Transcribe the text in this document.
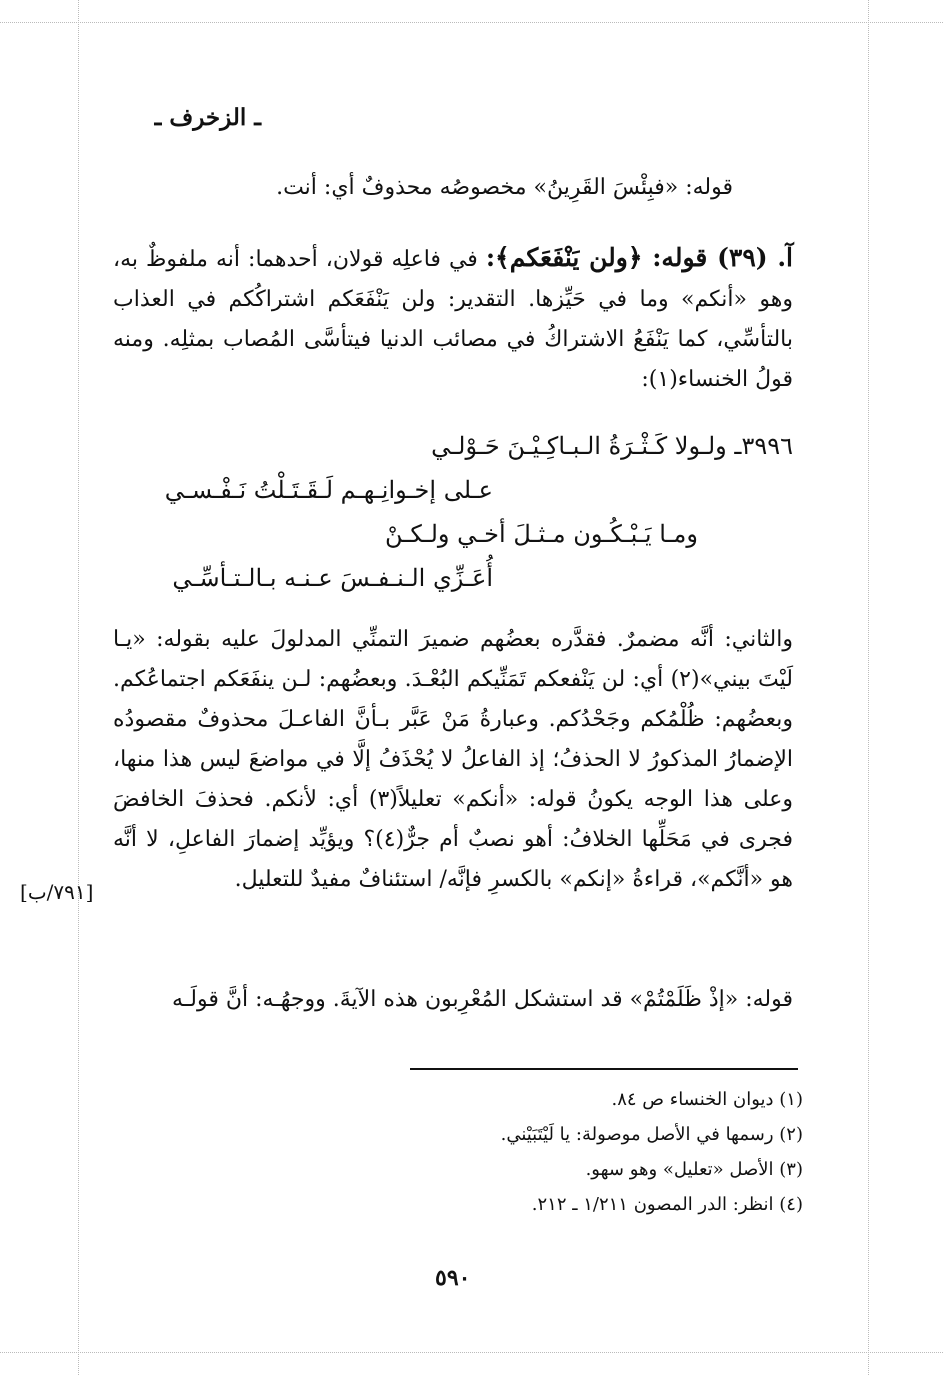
ـ الزخرف ـ
قوله: «فبِئْسَ القَرِينُ» مخصوصُه محذوفٌ أي: أنت.
آ. (٣٩) قوله: ﴿ولن يَنْفَعَكم﴾: في فاعلِه قولان، أحدهما: أنه ملفوظٌ به، وهو «أنكم» وما في حَيِّزها. التقدير: ولن يَنْفَعَكم اشتراكُكم في العذاب بالتأسِّي، كما يَنْفَعُ الاشتراكُ في مصائب الدنيا فيتأسَّى المُصاب بمثلِه. ومنه قولُ الخنساء(١):
٣٩٩٦ـ ولـولا كَـثْـرَةُ الـبـاكِـيْـنَ حَـوْلـي
عـلى إخـوانِـهـم لَـقَـتَـلْتُ نَـفْـسـي
ومـا يَـبْـكُـون مـثـلَ أخـي ولـكـنْ
أُعَـزِّي الـنـفـسَ عـنـه بـالـتـأسِّـي
والثاني: أنَّه مضمرٌ. فقدَّره بعضُهم ضميرَ التمنِّي المدلولَ عليه بقوله: «يـا لَيْتَ بيني»(٢) أي: لن يَنْفعكم تَمَنِّيكم البُعْـدَ. وبعضُهم: لـن ينفَعَكم اجتماعُكم. وبعضُهم: ظُلْمُكم وجَحْدُكم. وعبارةُ مَنْ عَبَّر بـأنَّ الفاعـلَ محذوفٌ مقصودُه الإضمارُ المذكورُ لا الحذفُ؛ إذ الفاعلُ لا يُحْذَفُ إلَّا في مواضعَ ليس هذا منها، وعلى هذا الوجه يكونُ قوله: «أنكم» تعليلاً(٣) أي: لأنكم. فحذفَ الخافضَ فجرى في مَحَلِّها الخلافُ: أهو نصبٌ أم جرٌّ(٤)؟ ويؤيِّد إضمارَ الفاعلِ، لا أنَّه هو «أنَّكم»، قراءةُ «إنكم» بالكسرِ فإنَّه/ استئنافٌ مفيدٌ للتعليل.
[٧٩١/ب]
قوله: «إذْ ظَلَمْتُمْ» قد استشكل المُعْرِبون هذه الآيةَ. ووجهُـه: أنَّ قولَـه
(١) ديوان الخنساء ص ٨٤.
(٢) رسمها في الأصل موصولة: يا لَيْتَبَيْني.
(٣) الأصل «تعليل» وهو سهو.
(٤) انظر: الدر المصون ١/٢١١ ـ ٢١٢.
٥٩٠
